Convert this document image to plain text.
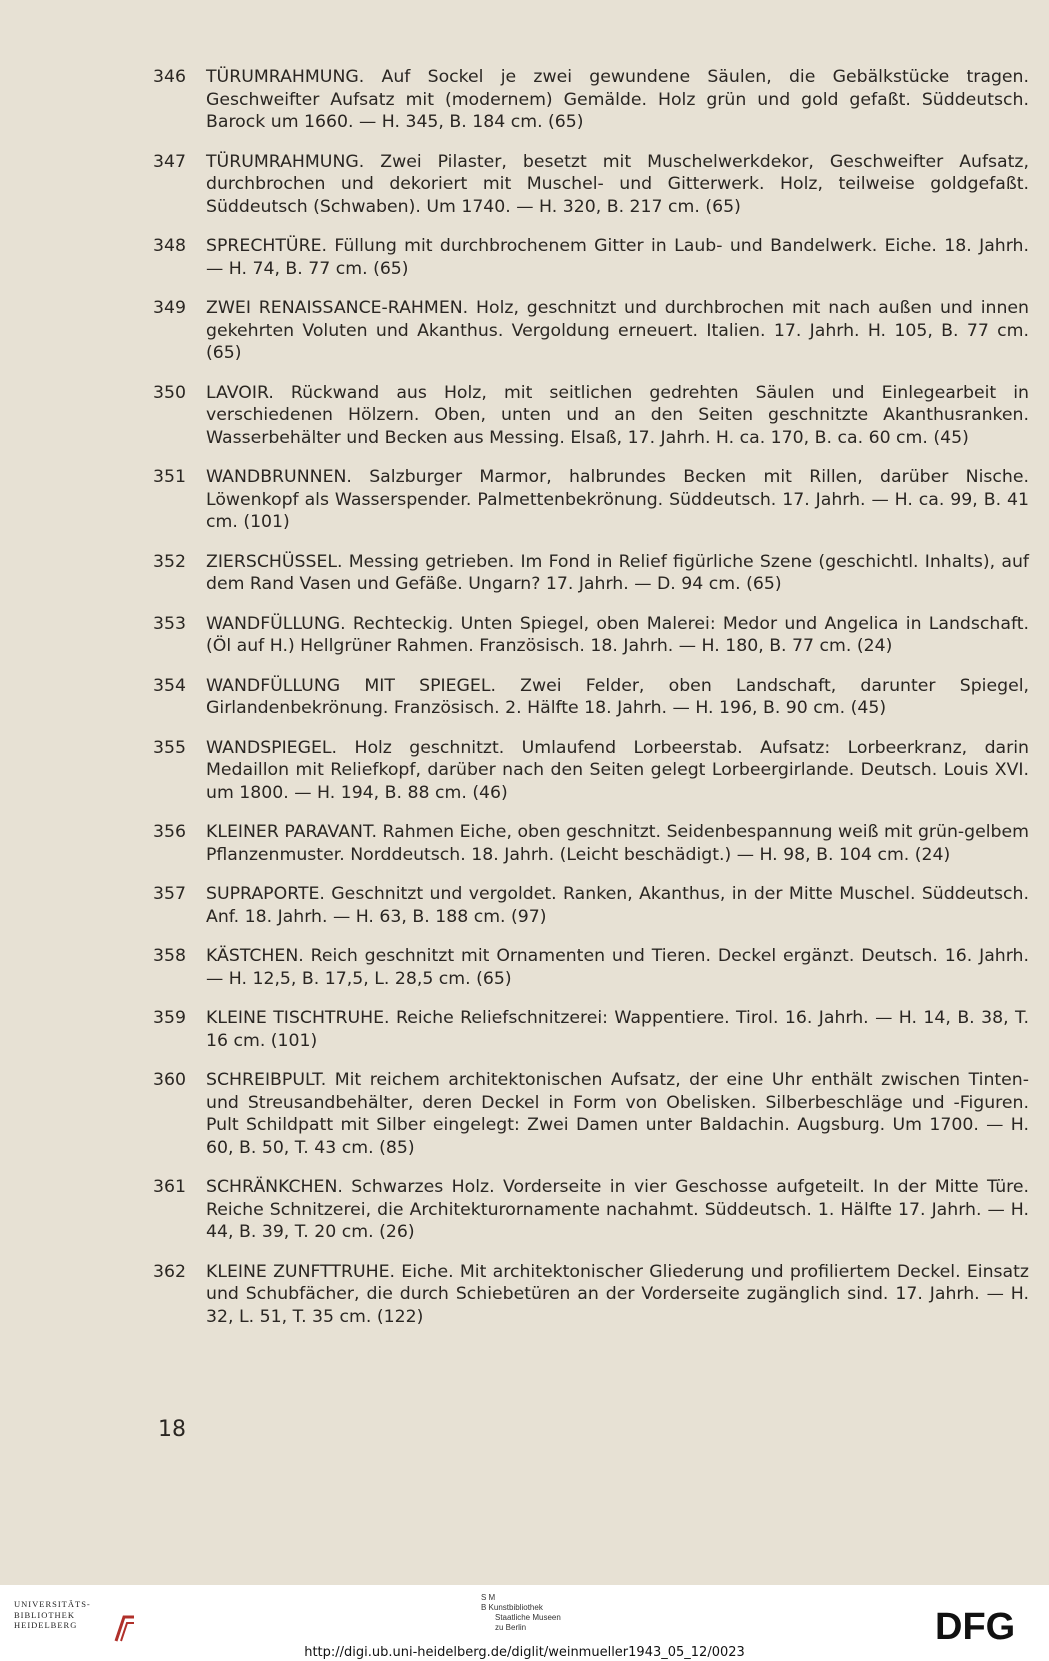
346	TÜRUMRAHMUNG. Auf Sockel je zwei gewundene Säulen, die Gebälkstücke tragen. Geschweifter Aufsatz mit (modernem) Gemälde. Holz grün und gold gefaßt. Süddeutsch. Barock um 1660. — H. 345, B. 184 cm. (65)
347	TÜRUMRAHMUNG. Zwei Pilaster, besetzt mit Muschelwerkdekor, Geschweifter Aufsatz, durchbrochen und dekoriert mit Muschel- und Gitterwerk. Holz, teilweise goldgefaßt. Süddeutsch (Schwaben). Um 1740. — H. 320, B. 217 cm. (65)
348	SPRECHTÜRE. Füllung mit durchbrochenem Gitter in Laub- und Bandelwerk. Eiche. 18. Jahrh. — H. 74, B. 77 cm. (65)
349	ZWEI RENAISSANCE-RAHMEN. Holz, geschnitzt und durchbrochen mit nach außen und innen gekehrten Voluten und Akanthus. Vergoldung erneuert. Italien. 17. Jahrh. H. 105, B. 77 cm. (65)
350	LAVOIR. Rückwand aus Holz, mit seitlichen gedrehten Säulen und Einlegearbeit in verschiedenen Hölzern. Oben, unten und an den Seiten geschnitzte Akanthusranken. Wasserbehälter und Becken aus Messing. Elsaß, 17. Jahrh. H. ca. 170, B. ca. 60 cm. (45)
351	WANDBRUNNEN. Salzburger Marmor, halbrundes Becken mit Rillen, darüber Nische. Löwenkopf als Wasserspender. Palmettenbekrönung. Süddeutsch. 17. Jahrh. — H. ca. 99, B. 41 cm. (101)
352	ZIERSCHÜSSEL. Messing getrieben. Im Fond in Relief figürliche Szene (geschichtl. Inhalts), auf dem Rand Vasen und Gefäße. Ungarn? 17. Jahrh. — D. 94 cm. (65)
353	WANDFÜLLUNG. Rechteckig. Unten Spiegel, oben Malerei: Medor und Angelica in Landschaft. (Öl auf H.) Hellgrüner Rahmen. Französisch. 18. Jahrh. — H. 180, B. 77 cm. (24)
354	WANDFÜLLUNG MIT SPIEGEL. Zwei Felder, oben Landschaft, darunter Spiegel, Girlandenbekrönung. Französisch. 2. Hälfte 18. Jahrh. — H. 196, B. 90 cm. (45)
355	WANDSPIEGEL. Holz geschnitzt. Umlaufend Lorbeerstab. Aufsatz: Lorbeerkranz, darin Medaillon mit Reliefkopf, darüber nach den Seiten gelegt Lorbeergirlande. Deutsch. Louis XVI. um 1800. — H. 194, B. 88 cm. (46)
356	KLEINER PARAVANT. Rahmen Eiche, oben geschnitzt. Seidenbespannung weiß mit grün-gelbem Pflanzenmuster. Norddeutsch. 18. Jahrh. (Leicht beschädigt.) — H. 98, B. 104 cm. (24)
357	SUPRAPORTE. Geschnitzt und vergoldet. Ranken, Akanthus, in der Mitte Muschel. Süddeutsch. Anf. 18. Jahrh. — H. 63, B. 188 cm. (97)
358	KÄSTCHEN. Reich geschnitzt mit Ornamenten und Tieren. Deckel ergänzt. Deutsch. 16. Jahrh. — H. 12,5, B. 17,5, L. 28,5 cm. (65)
359	KLEINE TISCHTRUHE. Reiche Reliefschnitzerei: Wappentiere. Tirol. 16. Jahrh. — H. 14, B. 38, T. 16 cm. (101)
360	SCHREIBPULT. Mit reichem architektonischen Aufsatz, der eine Uhr enthält zwischen Tinten- und Streusandbehälter, deren Deckel in Form von Obelisken. Silberbeschläge und -Figuren. Pult Schildpatt mit Silber eingelegt: Zwei Damen unter Baldachin. Augsburg. Um 1700. — H. 60, B. 50, T. 43 cm. (85)
361	SCHRÄNKCHEN. Schwarzes Holz. Vorderseite in vier Geschosse aufgeteilt. In der Mitte Türe. Reiche Schnitzerei, die Architekturornamente nachahmt. Süddeutsch. 1. Hälfte 17. Jahrh. — H. 44, B. 39, T. 20 cm. (26)
362	KLEINE ZUNFTTRUHE. Eiche. Mit architektonischer Gliederung und profiliertem Deckel. Einsatz und Schubfächer, die durch Schiebetüren an der Vorderseite zugänglich sind. 17. Jahrh. — H. 32, L. 51, T. 35 cm. (122)
18
UNIVERSITÄTS-
BIBLIOTHEK
HEIDELBERG
S M
B Kunstbibliothek
Staatliche Museen
zu Berlin	DFG
http://digi.ub.uni-heidelberg.de/diglit/weinmueller1943_05_12/0023
